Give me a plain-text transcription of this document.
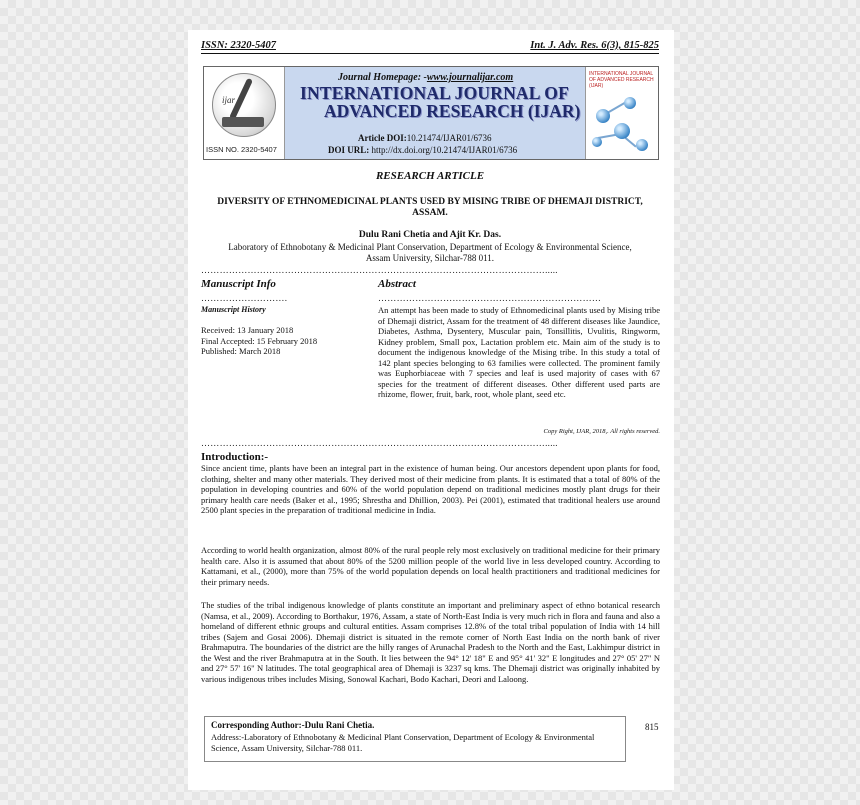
ISSN: 2320-5407	Int. J. Adv. Res. 6(3), 815-825
ijar
ISSN NO. 2320-5407
Journal Homepage: -www.journalijar.com
INTERNATIONAL JOURNAL OF
ADVANCED RESEARCH (IJAR)
Article DOI:10.21474/IJAR01/6736
DOI URL: http://dx.doi.org/10.21474/IJAR01/6736
INTERNATIONAL JOURNAL OF ADVANCED RESEARCH (IJAR)
RESEARCH ARTICLE
DIVERSITY OF ETHNOMEDICINAL PLANTS USED BY MISING TRIBE OF DHEMAJI DISTRICT, ASSAM.
Dulu Rani Chetia and Ajit Kr. Das.
Laboratory of Ethnobotany & Medicinal Plant Conservation, Department of Ecology & Environmental Science,
Assam University, Silchar-788 011.
………………………………………………………………………………………………….....
Manuscript Info	Abstract
……………………….	………………………………………………………………
Manuscript History
Received: 13 January 2018
Final Accepted: 15 February 2018
Published: March 2018
An attempt has been made to study of Ethnomedicinal plants used by Mising tribe of Dhemaji district, Assam for the treatment of 48 different diseases like Jaundice, Diabetes, Asthma, Dysentery, Muscular pain, Tonsillitis, Uvulitis, Ringworm, Kidney problem, Small pox, Lactation problem etc. Main aim of the study is to document the indigenous knowledge of the Mising tribe. In this study a total of 142 plant species belonging to 63 families were collected. The prominent family was Euphorbiaceae with 7 species and leaf is used majority of cases with 67 species for the treatment of different diseases. Other different used parts are rhizome, flower, fruit, bark, root, whole plant, seed etc.
Copy Right, IJAR, 2018,. All rights reserved.
………………………………………………………………………………………………….....
Introduction:-
Since ancient time, plants have been an integral part in the existence of human being. Our ancestors dependent upon plants for food, clothing, shelter and many other materials. They derived most of their medicine from plants. It is estimated that a total of 80% of the population in developing countries and 60% of the world population depend on traditional medicines mostly plant drugs for their primary health care needs (Baker et al., 1995; Shrestha and Dhillion, 2003). Pei (2001), estimated that traditional healers use around 2500 plant species in the preparation of traditional medicine in India.
According to world health organization, almost 80% of the rural people rely most exclusively on traditional medicine for their primary health care. Also it is assumed that about 80% of the 5200 million people of the world live in less developed country. According to Kattamani, et al., (2000), more than 75% of the world population depends on local health practitioners and traditional medicines for their primary needs.
The studies of the tribal indigenous knowledge of plants constitute an important and preliminary aspect of ethno botanical research (Namsa, et al., 2009). According to Borthakur, 1976, Assam, a state of North-East India is very much rich in flora and fauna and also a homeland of different ethnic groups and cultural entities. Assam comprises 12.8% of the total tribal population of India with 14 hill tribes (Sajem and Gosai 2006). Dhemaji district is situated in the remote corner of North East India on the north bank of river Brahmaputra. The boundaries of the district are the hilly ranges of Arunachal Pradesh to the North and the East, Lakhimpur district in the West and the river Brahmaputra at in the South. It lies between the 94° 12' 18" E and 95° 41' 32" E longitudes and 27° 05' 27" N and 27° 57' 16" N latitudes. The total geographical area of Dhemaji is 3237 sq kms. The Dhemaji district was originally inhabited by various indigenous tribes includes Mising, Sonowal Kachari, Bodo Kachari, Deori and Laloong.
Corresponding Author:-Dulu Rani Chetia.
Address:-Laboratory of Ethnobotany & Medicinal Plant Conservation, Department of Ecology & Environmental Science, Assam University, Silchar-788 011.
815
